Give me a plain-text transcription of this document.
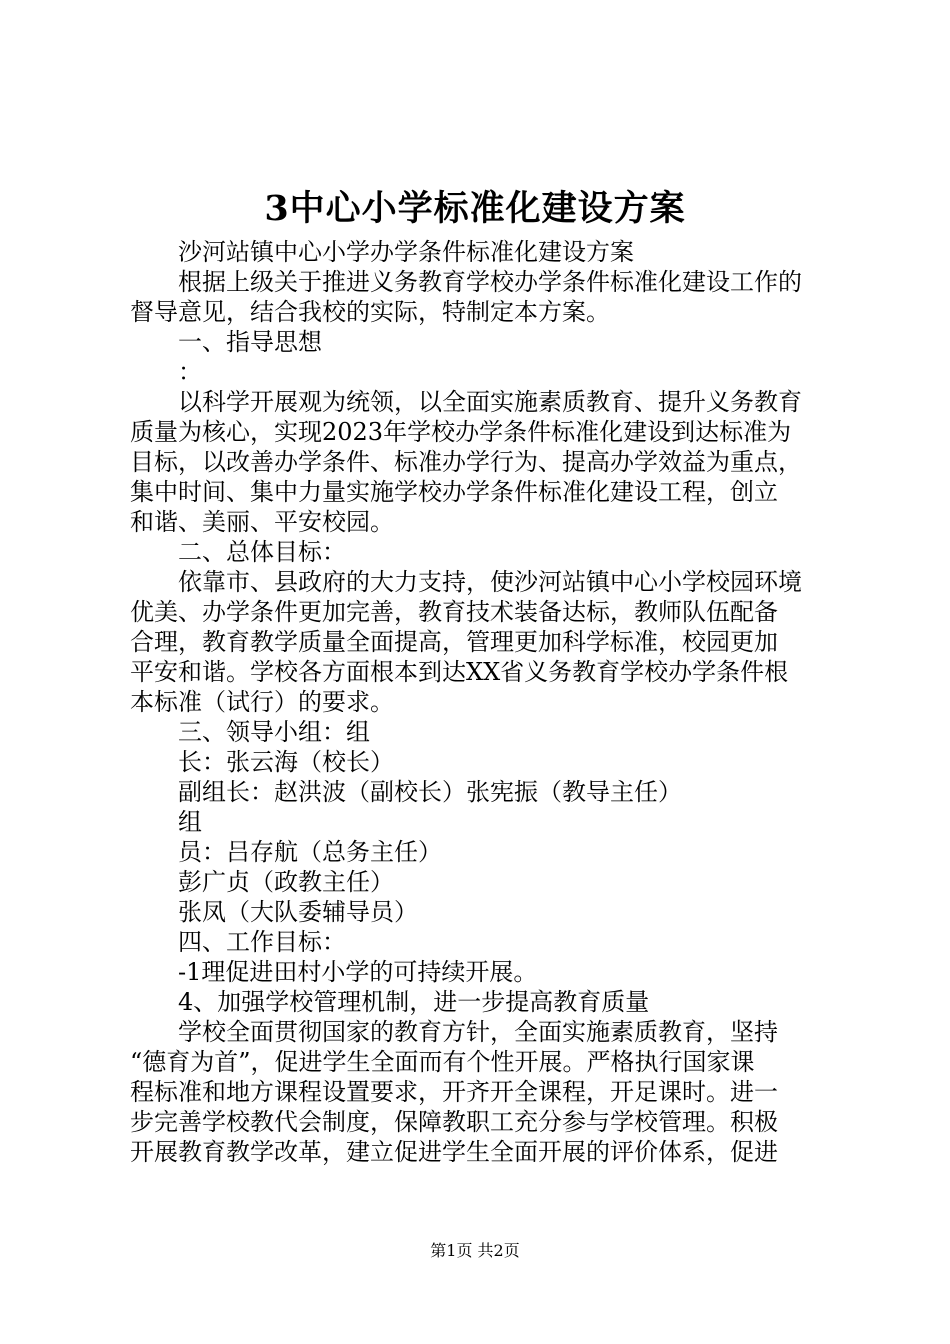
3中心小学标准化建设方案
沙河站镇中心小学办学条件标准化建设方案
根据上级关于推进义务教育学校办学条件标准化建设工作的
督导意见，结合我校的实际，特制定本方案。
一、指导思想
：
以科学开展观为统领，以全面实施素质教育、提升义务教育
质量为核心，实现2023年学校办学条件标准化建设到达标准为
目标，以改善办学条件、标准办学行为、提高办学效益为重点，
集中时间、集中力量实施学校办学条件标准化建设工程，创立
和谐、美丽、平安校园。
二、总体目标：
依靠市、县政府的大力支持，使沙河站镇中心小学校园环境
优美、办学条件更加完善，教育技术装备达标，教师队伍配备
合理，教育教学质量全面提高，管理更加科学标准，校园更加
平安和谐。学校各方面根本到达XX省义务教育学校办学条件根
本标准（试行）的要求。
三、领导小组：组
长：张云海（校长）
副组长：赵洪波（副校长）张宪振（教导主任）
组
员：吕存航（总务主任）
彭广贞（政教主任）
张凤（大队委辅导员）
四、工作目标：
-1理促进田村小学的可持续开展。
4、加强学校管理机制，进一步提高教育质量
学校全面贯彻国家的教育方针，全面实施素质教育，坚持
“德育为首”，促进学生全面而有个性开展。严格执行国家课
程标准和地方课程设置要求，开齐开全课程，开足课时。进一
步完善学校教代会制度，保障教职工充分参与学校管理。积极
开展教育教学改革，建立促进学生全面开展的评价体系，促进
第1页 共2页
